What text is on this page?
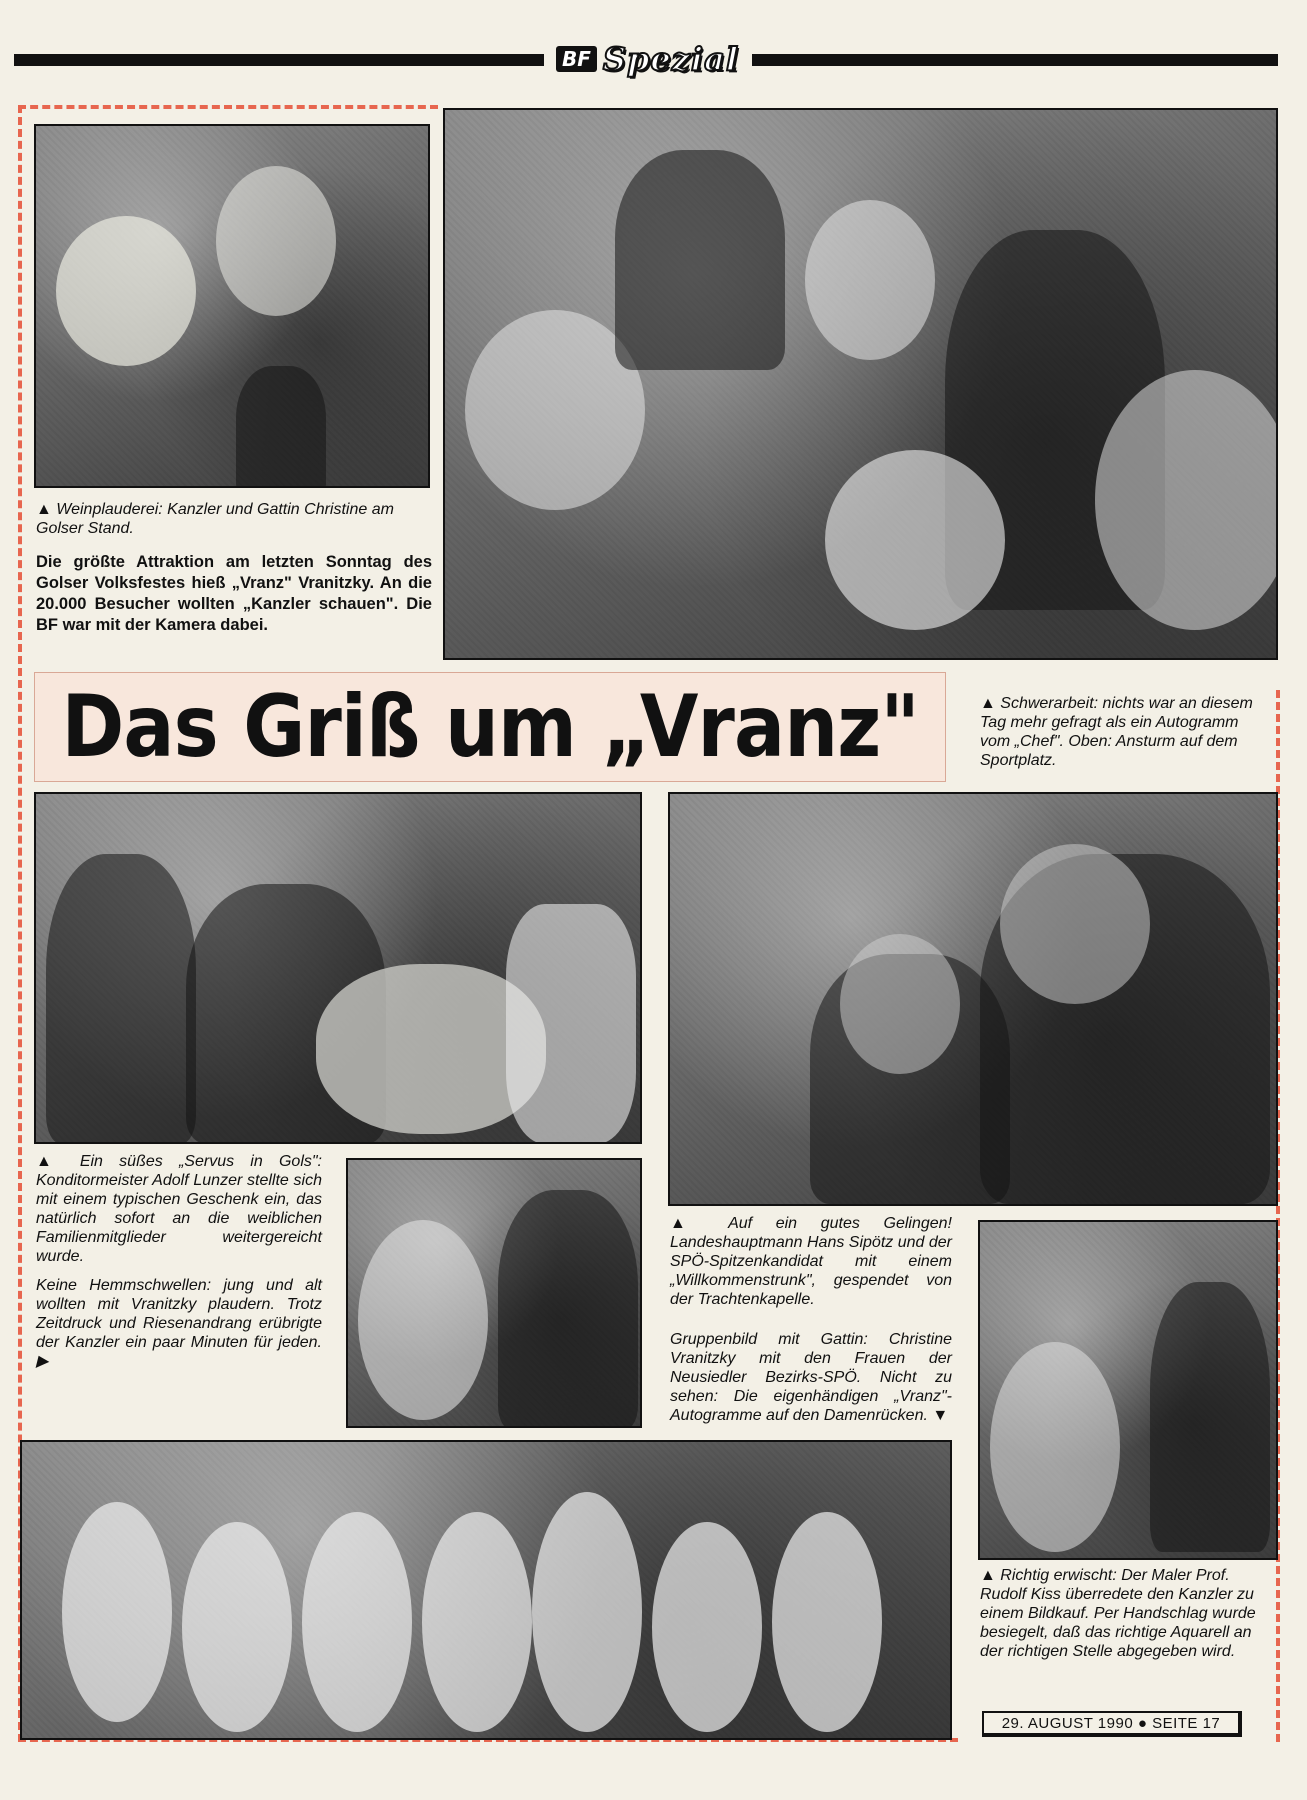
BF Spezial

▲ Weinplauderei: Kanzler und Gattin Christine am Golser Stand.

Die größte Attraktion am letzten Sonntag des Golser Volksfestes hieß „Vranz" Vranitzky. An die 20.000 Besucher wollten „Kanzler schauen". Die BF war mit der Kamera dabei.

Das Griß um „Vranz"	▲ Schwerarbeit: nichts war an diesem Tag mehr gefragt als ein Autogramm vom „Chef". Oben: Ansturm auf dem Sportplatz.

▲ Ein süßes „Servus in Gols": Konditormeister Adolf Lunzer stellte sich mit einem typischen Geschenk ein, das natürlich sofort an die weiblichen Familienmitglieder weitergereicht wurde.

Keine Hemmschwellen: jung und alt wollten mit Vranitzky plaudern. Trotz Zeitdruck und Riesenandrang erübrigte der Kanzler ein paar Minuten für jeden. ▶

▲ Auf ein gutes Gelingen! Landeshauptmann Hans Sipötz und der SPÖ-Spitzenkandidat mit einem „Willkommenstrunk", gespendet von der Trachtenkapelle.

Gruppenbild mit Gattin: Christine Vranitzky mit den Frauen der Neusiedler Bezirks-SPÖ. Nicht zu sehen: Die eigenhändigen „Vranz"-Autogramme auf den Damenrücken. ▼

▲ Richtig erwischt: Der Maler Prof. Rudolf Kiss überredete den Kanzler zu einem Bildkauf. Per Handschlag wurde besiegelt, daß das richtige Aquarell an der richtigen Stelle abgegeben wird.

29. AUGUST 1990 ● SEITE 17
